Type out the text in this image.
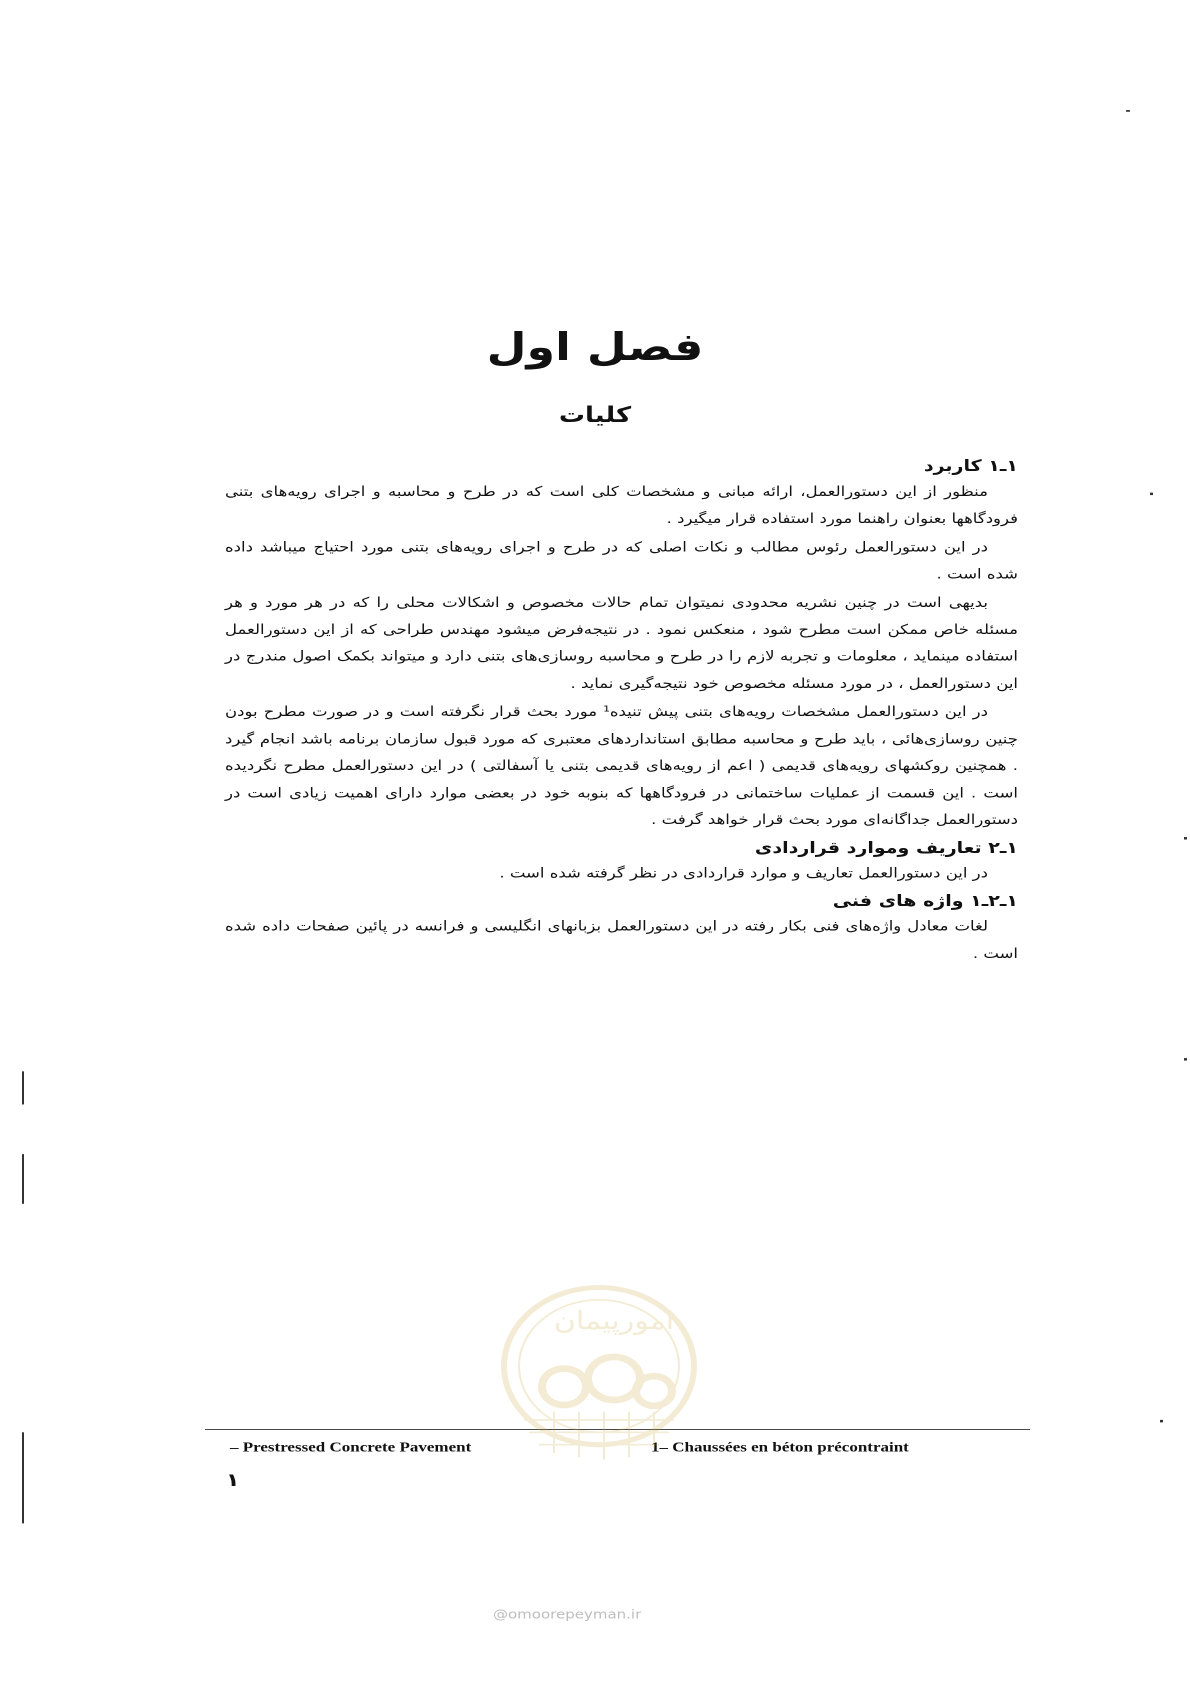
فصل اول
کلیات

۱ـ۱ کاربرد

منظور از این دستورالعمل، ارائه مبانی و مشخصات کلی است که در طرح و محاسبه و اجرای رویه‌های بتنی فرودگاهها بعنوان راهنما مورد استفاده قرار میگیرد .

در این دستورالعمل رئوس مطالب و نکات اصلی که در طرح و اجرای رویه‌های بتنی مورد احتیاج میباشد داده شده است .

بدیهی است در چنین نشریه محدودی نمیتوان تمام حالات مخصوص و اشکالات محلی را که در هر مورد و هر مسئله خاص ممکن است مطرح شود ، منعکس نمود . در نتیجه‌فرض میشود مهندس طراحی که از این دستورالعمل استفاده مینماید ، معلومات و تجربه لازم را در طرح و محاسبه روسازی‌های بتنی دارد و میتواند بکمک اصول مندرج در این دستورالعمل ، در مورد مسئله مخصوص خود نتیجه‌گیری نماید .

در این دستورالعمل مشخصات رویه‌های بتنی پیش تنیده¹ مورد بحث قرار نگرفته است و در صورت مطرح بودن چنین روسازی‌هائی ، باید طرح و محاسبه مطابق استانداردهای معتبری که مورد قبول سازمان برنامه باشد انجام گیرد . همچنین روکشهای رویه‌های قدیمی ( اعم از رویه‌های قدیمی بتنی یا آسفالتی ) در این دستورالعمل مطرح نگردیده است . این قسمت از عملیات ساختمانی در فرودگاهها که بنوبه خود در بعضی موارد دارای اهمیت زیادی است در دستورالعمل جداگانه‌ای مورد بحث قرار خواهد گرفت .

۱ـ۲ تعاریف وموارد قراردادی

در این دستورالعمل تعاریف و موارد قراردادی در نظر گرفته شده است .

۱ـ۲ـ۱ واژه های فنی

لغات معادل واژه‌های فنی بکار رفته در این دستورالعمل بزبانهای انگلیسی و فرانسه در پائین صفحات داده شده است .

– Prestressed Concrete Pavement	1– Chaussées en béton précontraint
۱
امورپیمان
@omoorepeyman.ir
